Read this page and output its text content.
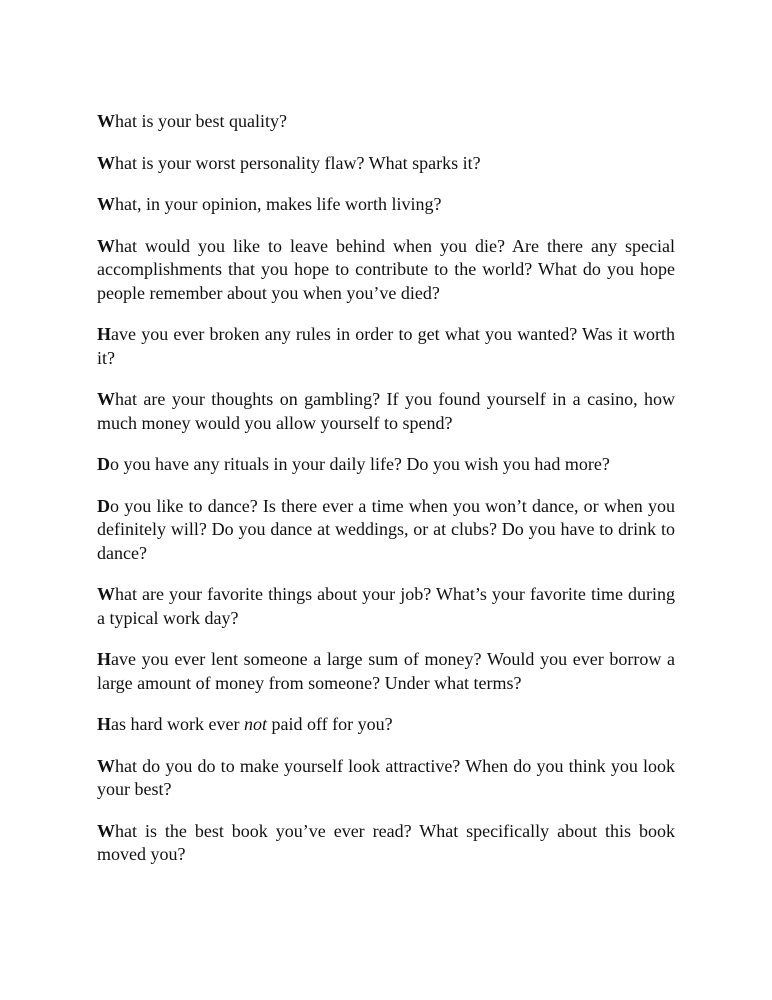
What is your best quality?

What is your worst personality flaw? What sparks it?

What, in your opinion, makes life worth living?

What would you like to leave behind when you die? Are there any special accomplishments that you hope to contribute to the world? What do you hope people remember about you when you’ve died?

Have you ever broken any rules in order to get what you wanted? Was it worth it?

What are your thoughts on gambling? If you found yourself in a casino, how much money would you allow yourself to spend?

Do you have any rituals in your daily life? Do you wish you had more?

Do you like to dance? Is there ever a time when you won’t dance, or when you definitely will? Do you dance at weddings, or at clubs? Do you have to drink to dance?

What are your favorite things about your job? What’s your favorite time during a typical work day?

Have you ever lent someone a large sum of money? Would you ever borrow a large amount of money from someone? Under what terms?

Has hard work ever not paid off for you?

What do you do to make yourself look attractive? When do you think you look your best?

What is the best book you’ve ever read? What specifically about this book moved you?
